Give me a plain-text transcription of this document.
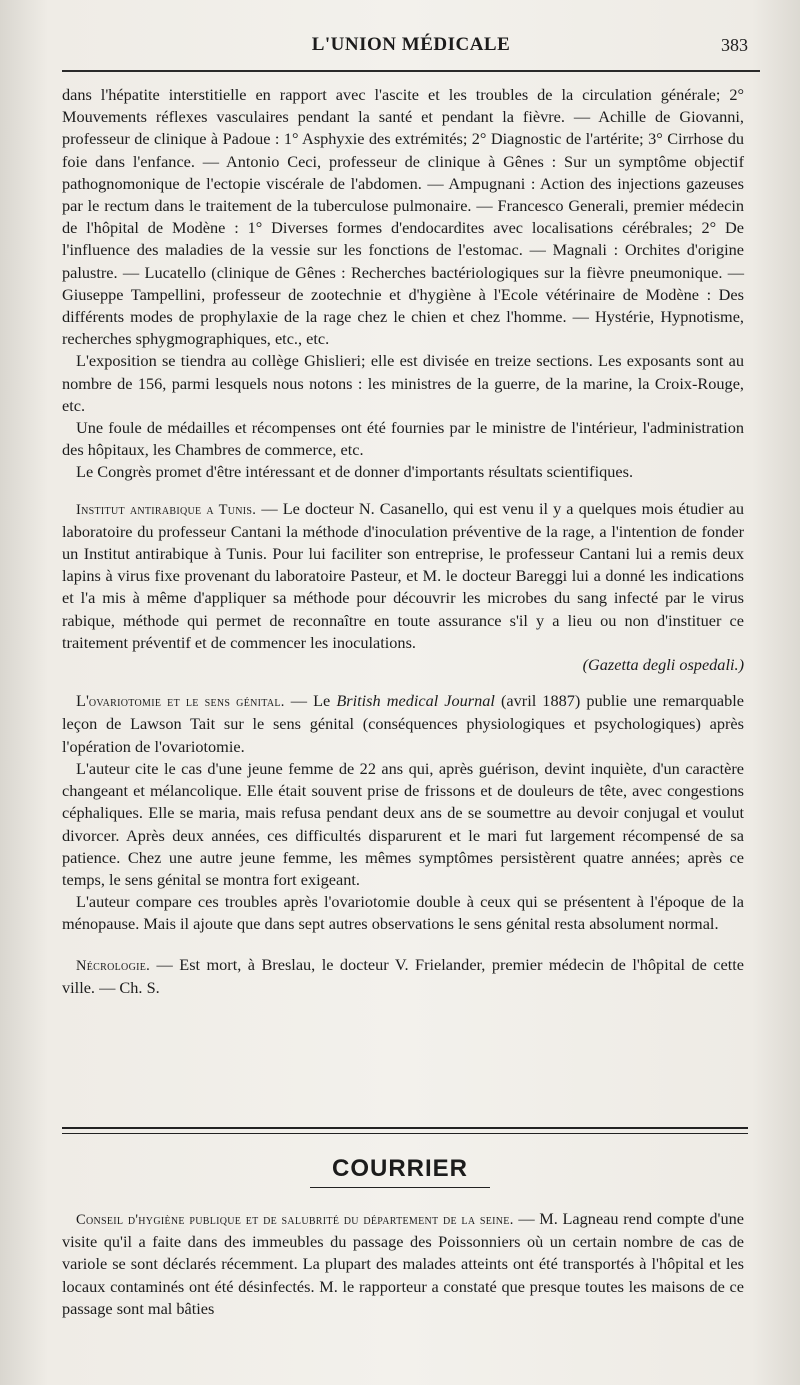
L'UNION MÉDICALE	383

dans l'hépatite interstitielle en rapport avec l'ascite et les troubles de la circulation générale; 2° Mouvements réflexes vasculaires pendant la santé et pendant la fièvre. — Achille de Giovanni, professeur de clinique à Padoue : 1° Asphyxie des extrémités; 2° Diagnostic de l'artérite; 3° Cirrhose du foie dans l'enfance. — Antonio Ceci, professeur de clinique à Gênes : Sur un symptôme objectif pathognomonique de l'ectopie viscérale de l'abdomen. — Ampugnani : Action des injections gazeuses par le rectum dans le traitement de la tuberculose pulmonaire. — Francesco Generali, premier médecin de l'hôpital de Modène : 1° Diverses formes d'endocardites avec localisations cérébrales; 2° De l'influence des maladies de la vessie sur les fonctions de l'estomac. — Magnali : Orchites d'origine palustre. — Lucatello (clinique de Gênes : Recherches bactériologiques sur la fièvre pneumonique. — Giuseppe Tampellini, professeur de zootechnie et d'hygiène à l'Ecole vétérinaire de Modène : Des différents modes de prophylaxie de la rage chez le chien et chez l'homme. — Hystérie, Hypnotisme, recherches sphygmographiques, etc., etc.

L'exposition se tiendra au collège Ghislieri; elle est divisée en treize sections. Les exposants sont au nombre de 156, parmi lesquels nous notons : les ministres de la guerre, de la marine, la Croix-Rouge, etc.

Une foule de médailles et récompenses ont été fournies par le ministre de l'intérieur, l'administration des hôpitaux, les Chambres de commerce, etc.

Le Congrès promet d'être intéressant et de donner d'importants résultats scientifiques.

Institut antirabique a Tunis. — Le docteur N. Casanello, qui est venu il y a quelques mois étudier au laboratoire du professeur Cantani la méthode d'inoculation préventive de la rage, a l'intention de fonder un Institut antirabique à Tunis. Pour lui faciliter son entreprise, le professeur Cantani lui a remis deux lapins à virus fixe provenant du laboratoire Pasteur, et M. le docteur Bareggi lui a donné les indications et l'a mis à même d'appliquer sa méthode pour découvrir les microbes du sang infecté par le virus rabique, méthode qui permet de reconnaître en toute assurance s'il y a lieu ou non d'instituer ce traitement préventif et de commencer les inoculations.

(Gazetta degli ospedali.)

L'ovariotomie et le sens génital. — Le British medical Journal (avril 1887) publie une remarquable leçon de Lawson Tait sur le sens génital (conséquences physiologiques et psychologiques) après l'opération de l'ovariotomie.

L'auteur cite le cas d'une jeune femme de 22 ans qui, après guérison, devint inquiète, d'un caractère changeant et mélancolique. Elle était souvent prise de frissons et de douleurs de tête, avec congestions céphaliques. Elle se maria, mais refusa pendant deux ans de se soumettre au devoir conjugal et voulut divorcer. Après deux années, ces difficultés disparurent et le mari fut largement récompensé de sa patience. Chez une autre jeune femme, les mêmes symptômes persistèrent quatre années; après ce temps, le sens génital se montra fort exigeant.

L'auteur compare ces troubles après l'ovariotomie double à ceux qui se présentent à l'époque de la ménopause. Mais il ajoute que dans sept autres observations le sens génital resta absolument normal.

Nécrologie. — Est mort, à Breslau, le docteur V. Frielander, premier médecin de l'hôpital de cette ville. — Ch. S.

COURRIER

Conseil d'hygiène publique et de salubrité du département de la seine. — M. Lagneau rend compte d'une visite qu'il a faite dans des immeubles du passage des Poissonniers où un certain nombre de cas de variole se sont déclarés récemment. La plupart des malades atteints ont été transportés à l'hôpital et les locaux contaminés ont été désinfectés. M. le rapporteur a constaté que presque toutes les maisons de ce passage sont mal bâties
